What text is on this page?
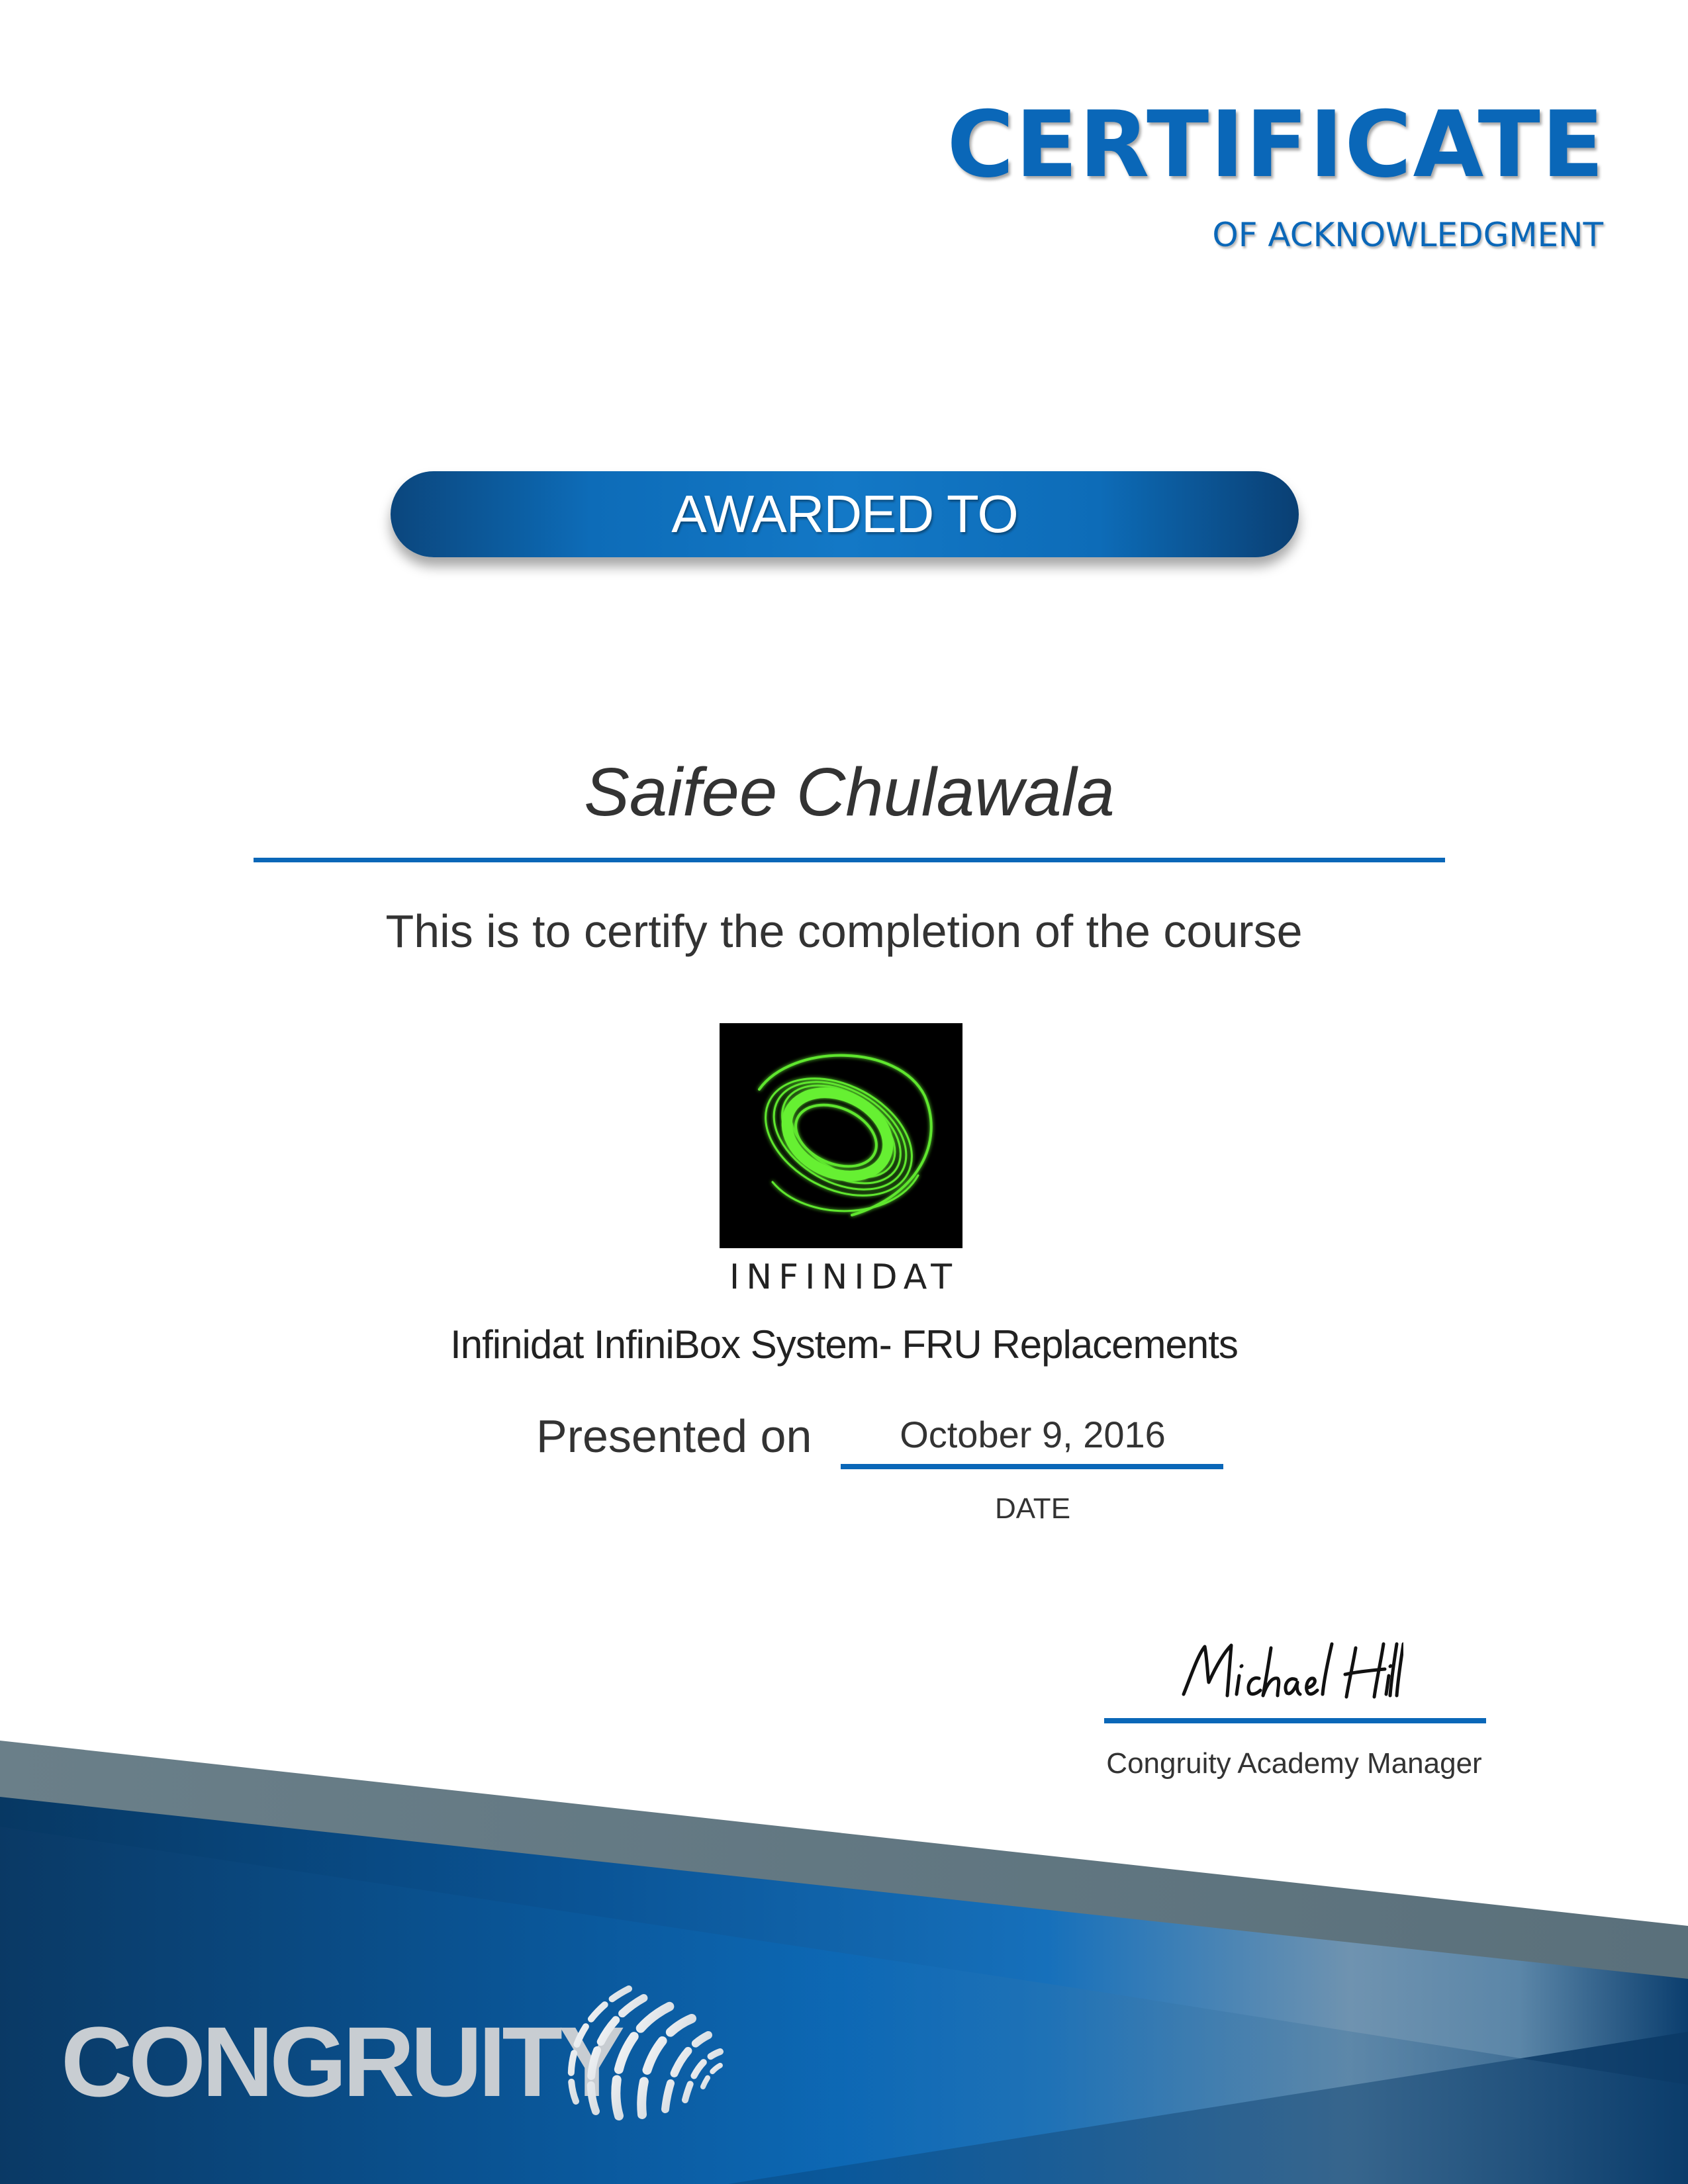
CERTIFICATE
OF ACKNOWLEDGMENT
AWARDED TO
Saifee Chulawala
This is to certify the completion of the course
INFINIDAT
Infinidat InfiniBox System- FRU Replacements
Presented on	October 9, 2016
DATE
Congruity Academy Manager
CONGRUITY
